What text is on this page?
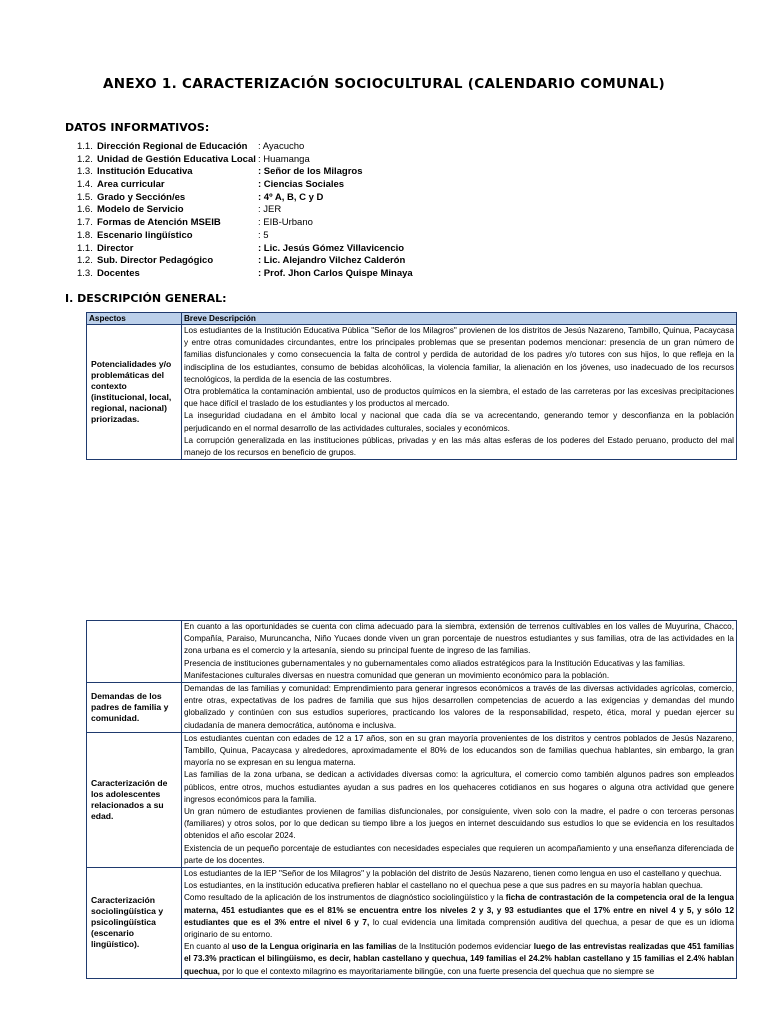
ANEXO 1. CARACTERIZACIÓN SOCIOCULTURAL (CALENDARIO COMUNAL)
DATOS INFORMATIVOS:
1.1. Dirección Regional de Educación	: Ayacucho
1.2. Unidad de Gestión Educativa Local : Huamanga
1.3. Institución Educativa	: Señor de los Milagros
1.4. Area curricular	: Ciencias Sociales
1.5. Grado y Sección/es	: 4º A, B, C y D
1.6. Modelo de Servicio	: JER
1.7. Formas de Atención MSEIB	: EIB-Urbano
1.8. Escenario lingüístico	: 5
1.1. Director	: Lic. Jesús Gómez Villavicencio
1.2. Sub. Director Pedagógico	: Lic. Alejandro Vilchez Calderón
1.3. Docentes	: Prof. Jhon Carlos Quispe Minaya
I. DESCRIPCIÓN GENERAL:
Aspectos	Breve Descripción
Potencialidades y/o problemáticas del contexto (institucional, local, regional, nacional) priorizadas.	Los estudiantes de la Institución Educativa Pública "Señor de los Milagros" provienen de los distritos de Jesús Nazareno, Tambillo, Quinua, Pacaycasa y entre otras comunidades circundantes, entre los principales problemas que se presentan podemos mencionar: presencia de un gran número de familias disfuncionales y como consecuencia la falta de control y perdida de autoridad de los padres y/o tutores con sus hijos, lo que refleja en la indisciplina de los estudiantes, consumo de bebidas alcohólicas, la violencia familiar, la alienación en los jóvenes, uso inadecuado de los recursos tecnológicos, la perdida de la esencia de las costumbres.

Otra problemática la contaminación ambiental, uso de productos químicos en la siembra, el estado de las carreteras por las excesivas precipitaciones que hace difícil el traslado de los estudiantes y los productos al mercado.

La inseguridad ciudadana en el ámbito local y nacional que cada día se va acrecentando, generando temor y desconfianza en la población perjudicando en el normal desarrollo de las actividades culturales, sociales y económicos.

La corrupción generalizada en las instituciones públicas, privadas y en las más altas esferas de los poderes del Estado peruano, producto del mal manejo de los recursos en beneficio de grupos.

	En cuanto a las oportunidades se cuenta con clima adecuado para la siembra, extensión de terrenos cultivables en los valles de Muyurina, Chacco, Compañía, Paraiso, Muruncancha, Niño Yucaes donde viven un gran porcentaje de nuestros estudiantes y sus familias, otra de las actividades en la zona urbana es el comercio y la artesanía, siendo su principal fuente de ingreso de las familias.

Presencia de instituciones gubernamentales y no gubernamentales como aliados estratégicos para la Institución Educativas y las familias.

Manifestaciones culturales diversas en nuestra comunidad que generan un movimiento económico para la población.

Demandas de los padres de familia y comunidad.	Demandas de las familias y comunidad: Emprendimiento para generar ingresos económicos a través de las diversas actividades agrícolas, comercio, entre otras, expectativas de los padres de familia que sus hijos desarrollen competencias de acuerdo a las exigencias y demandas del mundo globalizado y continúen con sus estudios superiores, practicando los valores de la responsabilidad, respeto, ética, moral y puedan ejercer su ciudadanía de manera democrática, autónoma e inclusiva.

Caracterización de los adolescentes relacionados a su edad.	Los estudiantes cuentan con edades de 12 a 17 años, son en su gran mayoría provenientes de los distritos y centros poblados de Jesús Nazareno, Tambillo, Quinua, Pacaycasa y alrededores, aproximadamente el 80% de los educandos son de familias quechua hablantes, sin embargo, la gran mayoría no se expresan en su lengua materna.

Las familias de la zona urbana, se dedican a actividades diversas como: la agricultura, el comercio como también algunos padres son empleados públicos, entre otros, muchos estudiantes ayudan a sus padres en los quehaceres cotidianos en sus hogares o alguna otra actividad que genere ingresos económicos para la familia.

Un gran número de estudiantes provienen de familias disfuncionales, por consiguiente, viven solo con la madre, el padre o con terceras personas (familiares) y otros solos, por lo que dedican su tiempo libre a los juegos en internet descuidando sus estudios lo que se evidencia en los resultados obtenidos el año escolar 2024.

Existencia de un pequeño porcentaje de estudiantes con necesidades especiales que requieren un acompañamiento y una enseñanza diferenciada de parte de los docentes.

Caracterización sociolingüística y psicolingüística (escenario lingüístico).	Los estudiantes de la IEP "Señor de los Milagros" y la población del distrito de Jesús Nazareno, tienen como lengua en uso el castellano y quechua.

Los estudiantes, en la institución educativa prefieren hablar el castellano no el quechua pese a que sus padres en su mayoría hablan quechua.

Como resultado de la aplicación de los instrumentos de diagnóstico sociolingüístico y la ficha de contrastación de la competencia oral de la lengua materna, 451 estudiantes que es el 81% se encuentra entre los niveles 2 y 3, y 93 estudiantes que el 17% entre en nivel 4 y 5, y sólo 12 estudiantes que es el 3% entre el nivel 6 y 7, lo cual evidencia una limitada comprensión auditiva del quechua, a pesar de que es un idioma originario de su entorno.

En cuanto al uso de la Lengua originaria en las familias de la Institución podemos evidenciar luego de las entrevistas realizadas que 451 familias el 73.3% practican el bilingüismo, es decir, hablan castellano y quechua, 149 familias el 24.2% hablan castellano y 15 familias el 2.4% hablan quechua, por lo que el contexto milagrino es mayoritariamente bilingüe, con una fuerte presencia del quechua que no siempre se
